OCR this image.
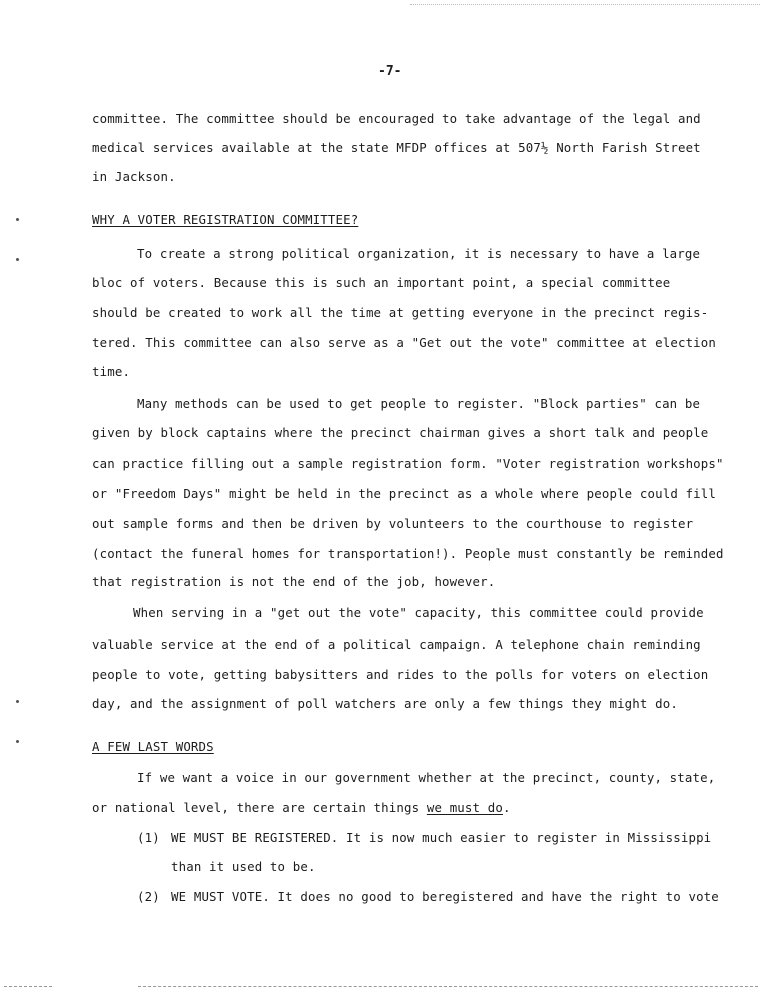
-7-
committee. The committee should be encouraged to take advantage of the legal and
medical services available at the state MFDP offices at 507½ North Farish Street
in Jackson.
WHY A VOTER REGISTRATION COMMITTEE?
To create a strong political organization, it is necessary to have a large
bloc of voters. Because this is such an important point, a special committee
should be created to work all the time at getting everyone in the precinct regis-
tered. This committee can also serve as a "Get out the vote" committee at election
time.
Many methods can be used to get people to register. "Block parties" can be
given by block captains where the precinct chairman gives a short talk and people
can practice filling out a sample registration form. "Voter registration workshops"
or "Freedom Days" might be held in the precinct as a whole where people could fill
out sample forms and then be driven by volunteers to the courthouse to register
(contact the funeral homes for transportation!). People must constantly be reminded
that registration is not the end of the job, however.
When serving in a "get out the vote" capacity, this committee could provide
valuable service at the end of a political campaign. A telephone chain reminding
people to vote, getting babysitters and rides to the polls for voters on election
day, and the assignment of poll watchers are only a few things they might do.
A FEW LAST WORDS
If we want a voice in our government whether at the precinct, county, state,
or national level, there are certain things we must do.
(1) WE MUST BE REGISTERED. It is now much easier to register in Mississippi
than it used to be.
(2) WE MUST VOTE. It does no good to beregistered and have the right to vote
